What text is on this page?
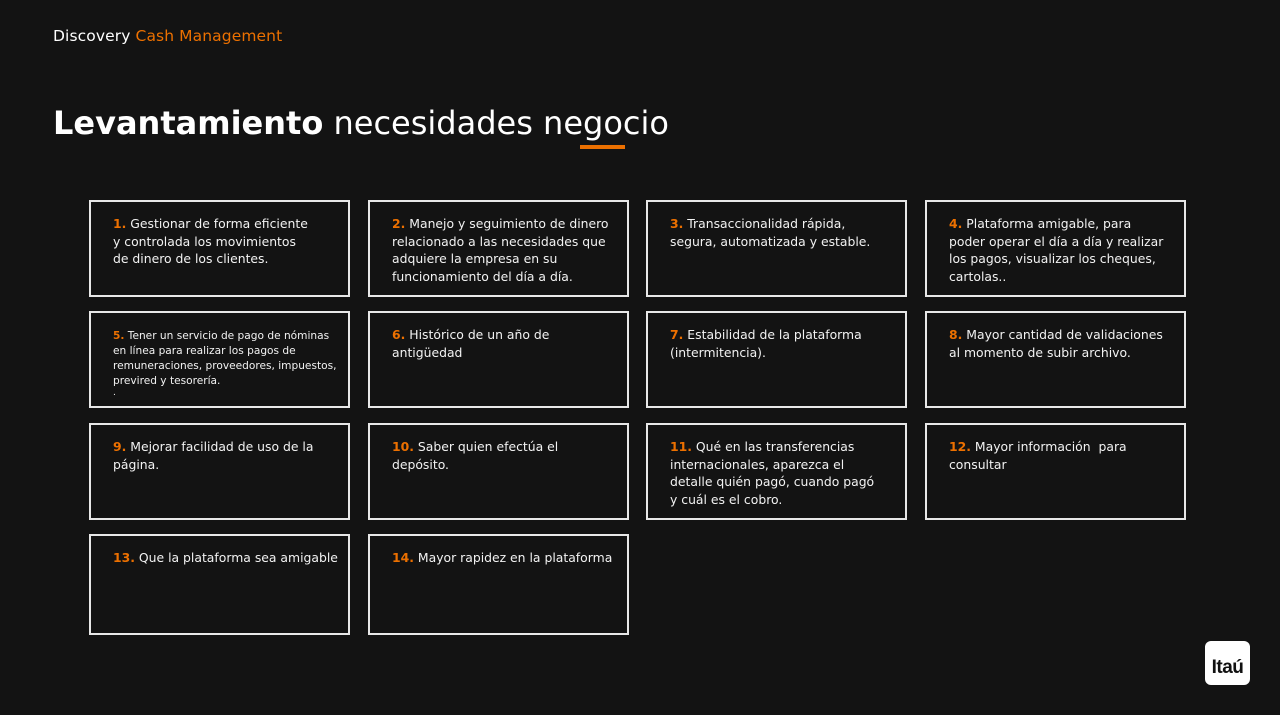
Discovery Cash Management
Levantamiento necesidades negocio
1. Gestionar de forma eficiente
y controlada los movimientos
de dinero de los clientes.
2. Manejo y seguimiento de dinero
relacionado a las necesidades que
adquiere la empresa en su
funcionamiento del día a día.
3. Transaccionalidad rápida,
segura, automatizada y estable.
4. Plataforma amigable, para
poder operar el día a día y realizar
los pagos, visualizar los cheques,
cartolas..
5. Tener un servicio de pago de nóminas
en línea para realizar los pagos de
remuneraciones, proveedores, impuestos,
previred y tesorería.
.
6. Histórico de un año de
antigüedad
7. Estabilidad de la plataforma
(intermitencia).
8. Mayor cantidad de validaciones
al momento de subir archivo.
9. Mejorar facilidad de uso de la
página.
10. Saber quien efectúa el
depósito.
11. Qué en las transferencias
internacionales, aparezca el
detalle quién pagó, cuando pagó
y cuál es el cobro.
12. Mayor información  para
consultar
13. Que la plataforma sea amigable	14. Mayor rapidez en la plataforma
Itaú
